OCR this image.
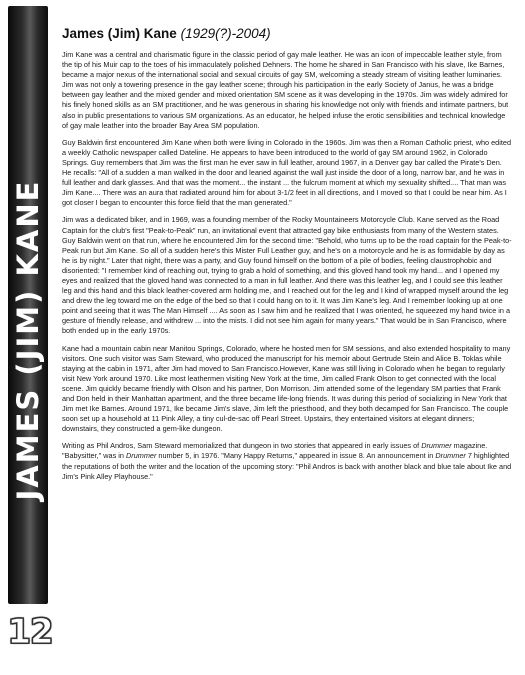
JAMES (JIM) KANE
12
James (Jim) Kane (1929(?)-2004)

Jim Kane was a central and charismatic figure in the classic period of gay male leather. He was an icon of impeccable leather style, from the tip of his Muir cap to the toes of his immaculately polished Dehners. The home he shared in San Francisco with his slave, Ike Barnes, became a major nexus of the international social and sexual circuits of gay SM, welcoming a steady stream of visiting leather luminaries. Jim was not only a towering presence in the gay leather scene; through his participation in the early Society of Janus, he was a bridge between gay leather and the mixed gender and mixed orientation SM scene as it was developing in the 1970s. Jim was widely admired for his finely honed skills as an SM practitioner, and he was generous in sharing his knowledge not only with friends and intimate partners, but also in public presentations to various SM organizations. As an educator, he helped infuse the erotic sensibilities and technical knowledge of gay male leather into the broader Bay Area SM population.

Guy Baldwin first encountered Jim Kane when both were living in Colorado in the 1960s. Jim was then a Roman Catholic priest, who edited a weekly Catholic newspaper called Dateline. He appears to have been introduced to the world of gay SM around 1962, in Colorado Springs. Guy remembers that Jim was the first man he ever saw in full leather, around 1967, in a Denver gay bar called the Pirate's Den. He recalls: "All of a sudden a man walked in the door and leaned against the wall just inside the door of a long, narrow bar, and he was in full leather and dark glasses. And that was the moment... the instant ... the fulcrum moment at which my sexuality shifted.... That man was Jim Kane.... There was an aura that radiated around him for about 3-1/2 feet in all directions, and I moved so that I could be near him. As I got closer I began to encounter this force field that the man generated."

Jim was a dedicated biker, and in 1969, was a founding member of the Rocky Mountaineers Motorcycle Club. Kane served as the Road Captain for the club's first "Peak-to-Peak" run, an invitational event that attracted gay bike enthusiasts from many of the Western states. Guy Baldwin went on that run, where he encountered Jim for the second time: "Behold, who turns up to be the road captain for the Peak-to-Peak run but Jim Kane. So all of a sudden here's this Mister Full Leather guy, and he's on a motorcycle and he is as formidable by day as he is by night." Later that night, there was a party, and Guy found himself on the bottom of a pile of bodies, feeling claustrophobic and disoriented: "I remember kind of reaching out, trying to grab a hold of something, and this gloved hand took my hand... and I opened my eyes and realized that the gloved hand was connected to a man in full leather. And there was this leather leg, and I could see this leather leg and this hand and this black leather-covered arm holding me, and I reached out for the leg and I kind of wrapped myself around the leg and drew the leg toward me on the edge of the bed so that I could hang on to it. It was Jim Kane's leg. And I remember looking up at one point and seeing that it was The Man Himself .... As soon as I saw him and he realized that I was oriented, he squeezed my hand twice in a gesture of friendly release, and withdrew ... into the mists. I did not see him again for many years." That would be in San Francisco, where both ended up in the early 1970s.

Kane had a mountain cabin near Manitou Springs, Colorado, where he hosted men for SM sessions, and also extended hospitality to many visitors. One such visitor was Sam Steward, who produced the manuscript for his memoir about Gertrude Stein and Alice B. Toklas while staying at the cabin in 1971, after Jim had moved to San Francisco.However, Kane was still living in Colorado when he began to regularly visit New York around 1970. Like most leathermen visiting New York at the time, Jim called Frank Olson to get connected with the local scene. Jim quickly became friendly with Olson and his partner, Don Morrison. Jim attended some of the legendary SM parties that Frank and Don held in their Manhattan apartment, and the three became life-long friends. It was during this period of socializing in New York that Jim met Ike Barnes. Around 1971, Ike became Jim's slave, Jim left the priesthood, and they both decamped for San Francisco. The couple soon set up a household at 11 Pink Alley, a tiny cul-de-sac off Pearl Street. Upstairs, they entertained visitors at elegant dinners; downstairs, they constructed a gem-like dungeon.

Writing as Phil Andros, Sam Steward memorialized that dungeon in two stories that appeared in early issues of Drummer magazine. "Babysitter," was in Drummer number 5, in 1976. "Many Happy Returns," appeared in issue 8. An announcement in Drummer 7 highlighted the reputations of both the writer and the location of the upcoming story: "Phil Andros is back with another black and blue tale about Ike and Jim's Pink Alley Playhouse."
